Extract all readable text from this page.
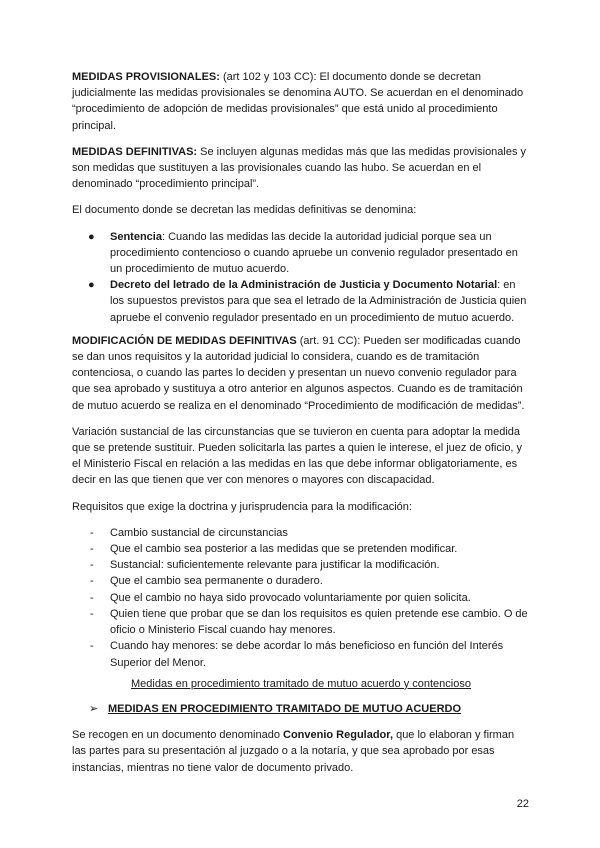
MEDIDAS PROVISIONALES: (art 102 y 103 CC): El documento donde se decretan judicialmente las medidas provisionales se denomina AUTO. Se acuerdan en el denominado “procedimiento de adopción de medidas provisionales” que está unido al procedimiento principal.

MEDIDAS DEFINITIVAS: Se incluyen algunas medidas más que las medidas provisionales y son medidas que sustituyen a las provisionales cuando las hubo. Se acuerdan en el denominado “procedimiento principal”.

El documento donde se decretan las medidas definitivas se denomina:

● Sentencia: Cuando las medidas las decide la autoridad judicial porque sea un procedimiento contencioso o cuando apruebe un convenio regulador presentado en un procedimiento de mutuo acuerdo.
● Decreto del letrado de la Administración de Justicia y Documento Notarial: en los supuestos previstos para que sea el letrado de la Administración de Justicia quien apruebe el convenio regulador presentado en un procedimiento de mutuo acuerdo.

MODIFICACIÓN DE MEDIDAS DEFINITIVAS (art. 91 CC): Pueden ser modificadas cuando se dan unos requisitos y la autoridad judicial lo considera, cuando es de tramitación contenciosa, o cuando las partes lo deciden y presentan un nuevo convenio regulador para que sea aprobado y sustituya a otro anterior en algunos aspectos. Cuando es de tramitación de mutuo acuerdo se realiza en el denominado “Procedimiento de modificación de medidas”.

Variación sustancial de las circunstancias que se tuvieron en cuenta para adoptar la medida que se pretende sustituir. Pueden solicitarla las partes a quien le interese, el juez de oficio, y el Ministerio Fiscal en relación a las medidas en las que debe informar obligatoriamente, es decir en las que tienen que ver con menores o mayores con discapacidad.

Requisitos que exige la doctrina y jurisprudencia para la modificación:

- Cambio sustancial de circunstancias
- Que el cambio sea posterior a las medidas que se pretenden modificar.
- Sustancial: suficientemente relevante para justificar la modificación.
- Que el cambio sea permanente o duradero.
- Que el cambio no haya sido provocado voluntariamente por quien solicita.
- Quien tiene que probar que se dan los requisitos es quien pretende ese cambio. O de oficio o Ministerio Fiscal cuando hay menores.
- Cuando hay menores: se debe acordar lo más beneficioso en función del Interés Superior del Menor.

Medidas en procedimiento tramitado de mutuo acuerdo y contencioso

➢ MEDIDAS EN PROCEDIMIENTO TRAMITADO DE MUTUO ACUERDO

Se recogen en un documento denominado Convenio Regulador, que lo elaboran y firman las partes para su presentación al juzgado o a la notaría, y que sea aprobado por esas instancias, mientras no tiene valor de documento privado.

22
